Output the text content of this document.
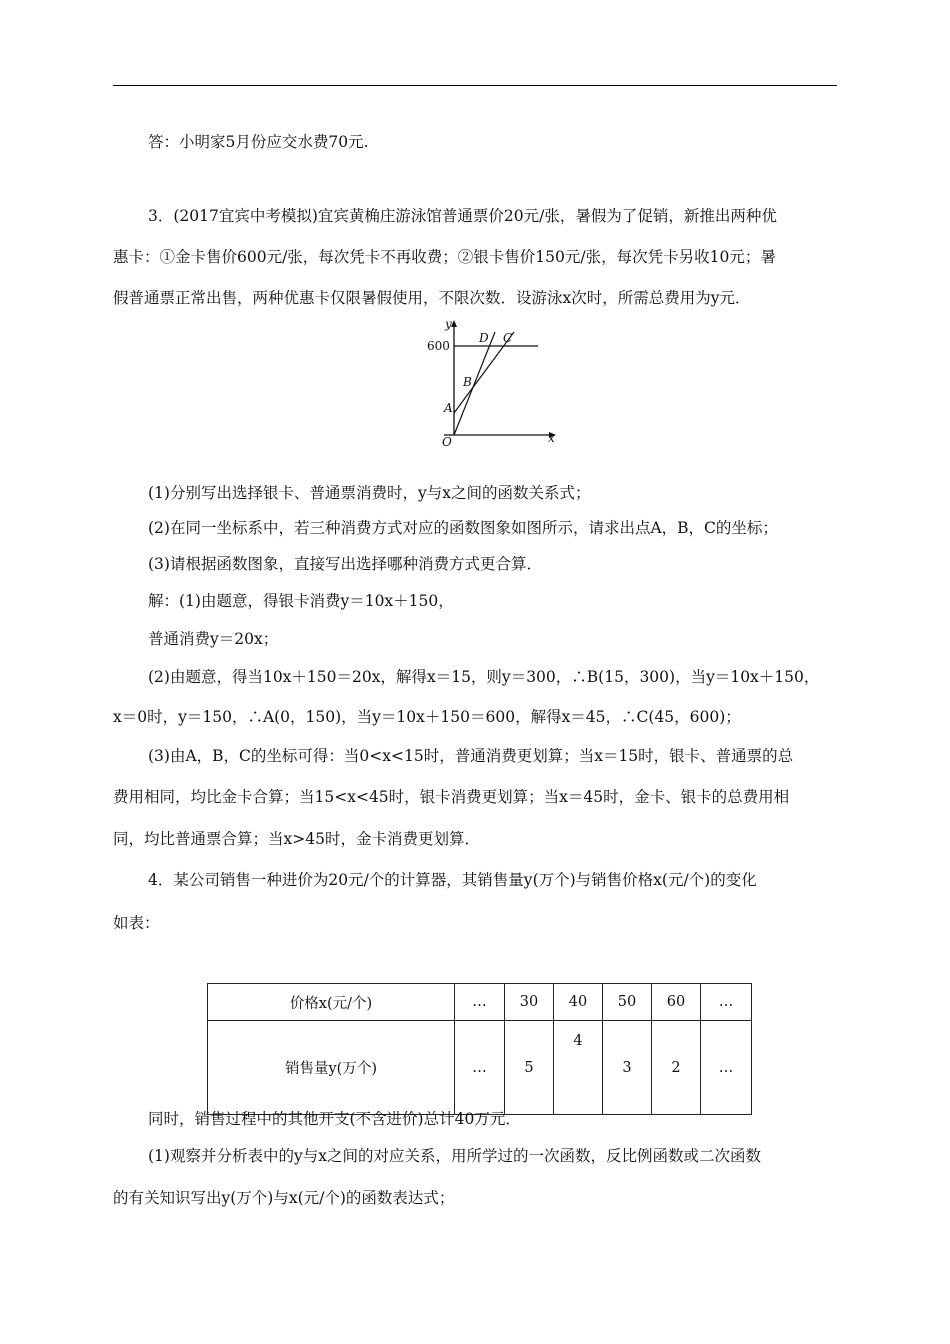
答：小明家5月份应交水费70元.
3．(2017宜宾中考模拟)宜宾黄桷庄游泳馆普通票价20元/张，暑假为了促销，新推出两种优
惠卡：①金卡售价600元/张，每次凭卡不再收费；②银卡售价150元/张，每次凭卡另收10元；暑
假普通票正常出售，两种优惠卡仅限暑假使用，不限次数．设游泳x次时，所需总费用为y元．
y
x
600
O
A
B
C
D
(1)分别写出选择银卡、普通票消费时，y与x之间的函数关系式；
(2)在同一坐标系中，若三种消费方式对应的函数图象如图所示，请求出点A，B，C的坐标；
(3)请根据函数图象，直接写出选择哪种消费方式更合算．
解：(1)由题意，得银卡消费y＝10x＋150，
普通消费y＝20x；
(2)由题意，得当10x＋150＝20x，解得x＝15，则y＝300，∴B(15，300)，当y＝10x＋150，
x＝0时，y＝150，∴A(0，150)，当y＝10x＋150＝600，解得x＝45，∴C(45，600)；
(3)由A，B，C的坐标可得：当0<x<15时，普通消费更划算；当x＝15时，银卡、普通票的总
费用相同，均比金卡合算；当15<x<45时，银卡消费更划算；当x＝45时，金卡、银卡的总费用相
同，均比普通票合算；当x>45时，金卡消费更划算．
4．某公司销售一种进价为20元/个的计算器，其销售量y(万个)与销售价格x(元/个)的变化
如表：
价格x(元/个)	…	30	40	50	60	…
销售量y(万个)	…	5	4	3	2	…
同时，销售过程中的其他开支(不含进价)总计40万元．
(1)观察并分析表中的y与x之间的对应关系，用所学过的一次函数，反比例函数或二次函数
的有关知识写出y(万个)与x(元/个)的函数表达式；
